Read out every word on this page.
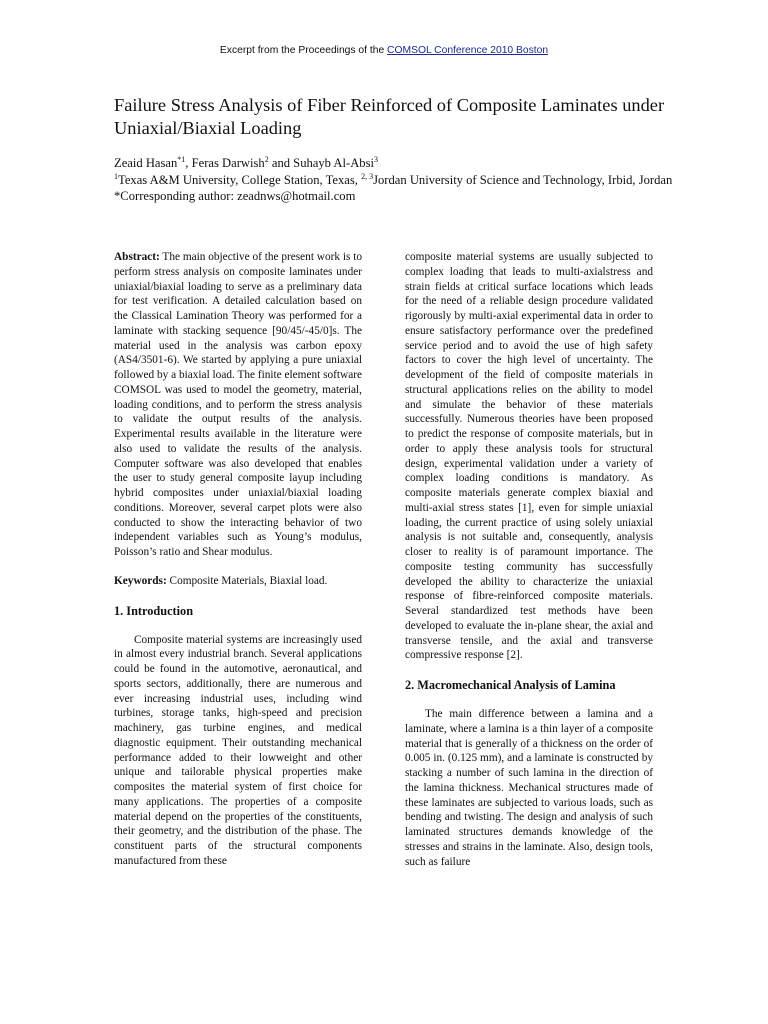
Excerpt from the Proceedings of the COMSOL Conference 2010 Boston
Failure Stress Analysis of Fiber Reinforced of Composite Laminates under Uniaxial/Biaxial Loading
Zeaid Hasan$^{*1}$, Feras Darwish$^2$ and Suhayb Al-Absi$^3$
$^1$Texas A&M University, College Station, Texas, $^{2, 3}$Jordan University of Science and Technology, Irbid, Jordan
*Corresponding author: zeadnws@hotmail.com

Abstract: The main objective of the present work is to perform stress analysis on composite laminates under uniaxial/biaxial loading to serve as a preliminary data for test verification. A detailed calculation based on the Classical Lamination Theory was performed for a laminate with stacking sequence [90/45/-45/0]s. The material used in the analysis was carbon epoxy (AS4/3501-6). We started by applying a pure uniaxial followed by a biaxial load. The finite element software COMSOL was used to model the geometry, material, loading conditions, and to perform the stress analysis to validate the output results of the analysis. Experimental results available in the literature were also used to validate the results of the analysis. Computer software was also developed that enables the user to study general composite layup including hybrid composites under uniaxial/biaxial loading conditions. Moreover, several carpet plots were also conducted to show the interacting behavior of two independent variables such as Young’s modulus, Poisson’s ratio and Shear modulus.

Keywords: Composite Materials, Biaxial load.

1. Introduction

Composite material systems are increasingly used in almost every industrial branch. Several applications could be found in the automotive, aeronautical, and sports sectors, additionally, there are numerous and ever increasing industrial uses, including wind turbines, storage tanks, high-speed and precision machinery, gas turbine engines, and medical diagnostic equipment. Their outstanding mechanical performance added to their lowweight and other unique and tailorable physical properties make composites the material system of first choice for many applications. The properties of a composite material depend on the properties of the constituents, their geometry, and the distribution of the phase. The constituent parts of the structural components manufactured from these

composite material systems are usually subjected to complex loading that leads to multi-axialstress and strain fields at critical surface locations which leads for the need of a reliable design procedure validated rigorously by multi-axial experimental data in order to ensure satisfactory performance over the predefined service period and to avoid the use of high safety factors to cover the high level of uncertainty. The development of the field of composite materials in structural applications relies on the ability to model and simulate the behavior of these materials successfully. Numerous theories have been proposed to predict the response of composite materials, but in order to apply these analysis tools for structural design, experimental validation under a variety of complex loading conditions is mandatory. As composite materials generate complex biaxial and multi-axial stress states [1], even for simple uniaxial loading, the current practice of using solely uniaxial analysis is not suitable and, consequently, analysis closer to reality is of paramount importance. The composite testing community has successfully developed the ability to characterize the uniaxial response of fibre-reinforced composite materials. Several standardized test methods have been developed to evaluate the in-plane shear, the axial and transverse tensile, and the axial and transverse compressive response [2].

2. Macromechanical Analysis of Lamina

The main difference between a lamina and a laminate, where a lamina is a thin layer of a composite material that is generally of a thickness on the order of 0.005 in. (0.125 mm), and a laminate is constructed by stacking a number of such lamina in the direction of the lamina thickness. Mechanical structures made of these laminates are subjected to various loads, such as bending and twisting. The design and analysis of such laminated structures demands knowledge of the stresses and strains in the laminate. Also, design tools, such as failure
